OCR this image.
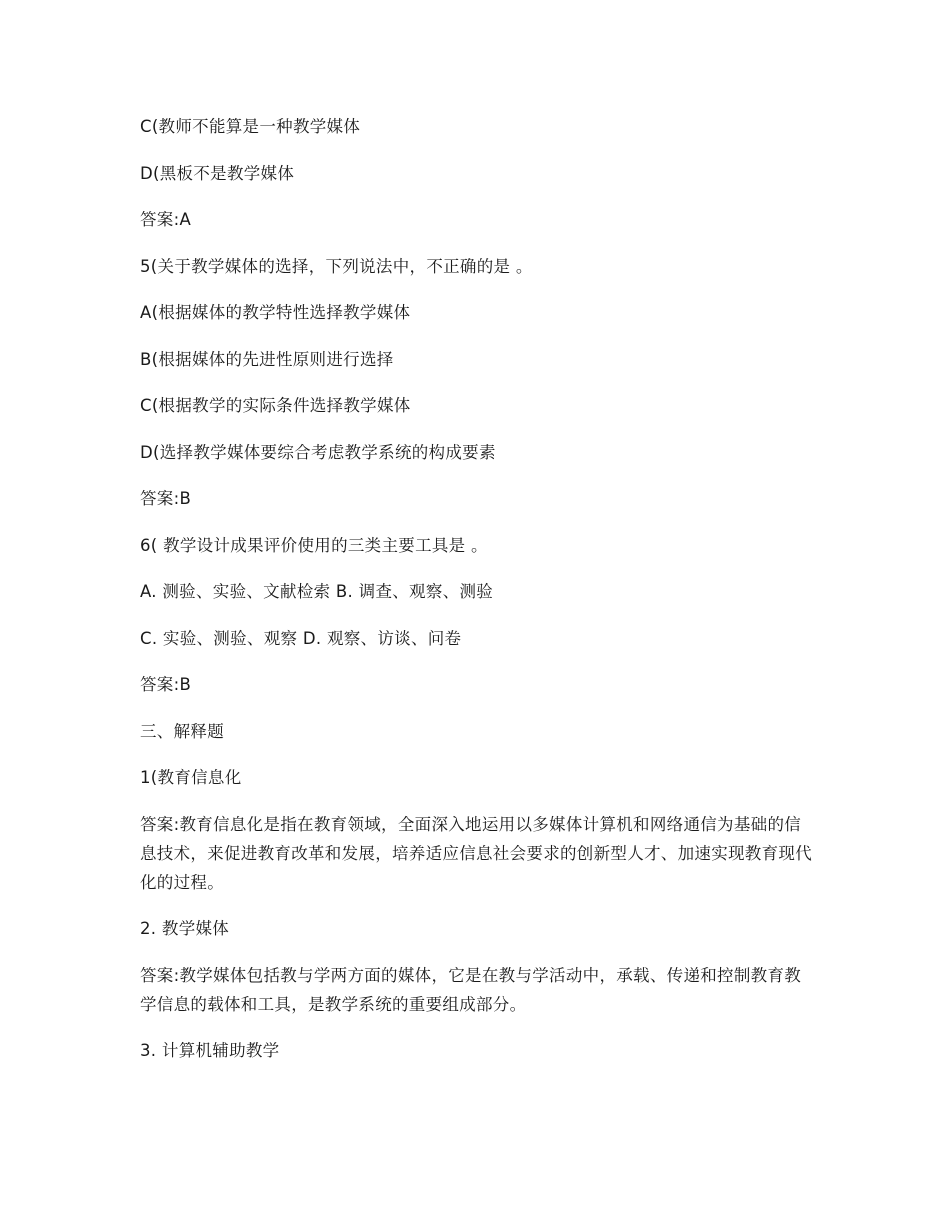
C(教师不能算是一种教学媒体
D(黑板不是教学媒体
答案:A
5(关于教学媒体的选择，下列说法中，不正确的是 。
A(根据媒体的教学特性选择教学媒体
B(根据媒体的先进性原则进行选择
C(根据教学的实际条件选择教学媒体
D(选择教学媒体要综合考虑教学系统的构成要素
答案:B
6( 教学设计成果评价使用的三类主要工具是 。
A. 测验、实验、文献检索 B. 调查、观察、测验
C. 实验、测验、观察 D. 观察、访谈、问卷
答案:B
三、解释题
1(教育信息化
答案:教育信息化是指在教育领域，全面深入地运用以多媒体计算机和网络通信为基础的信息技术，来促进教育改革和发展，培养适应信息社会要求的创新型人才、加速实现教育现代化的过程。
2. 教学媒体
答案:教学媒体包括教与学两方面的媒体，它是在教与学活动中，承载、传递和控制教育教学信息的载体和工具，是教学系统的重要组成部分。
3. 计算机辅助教学
